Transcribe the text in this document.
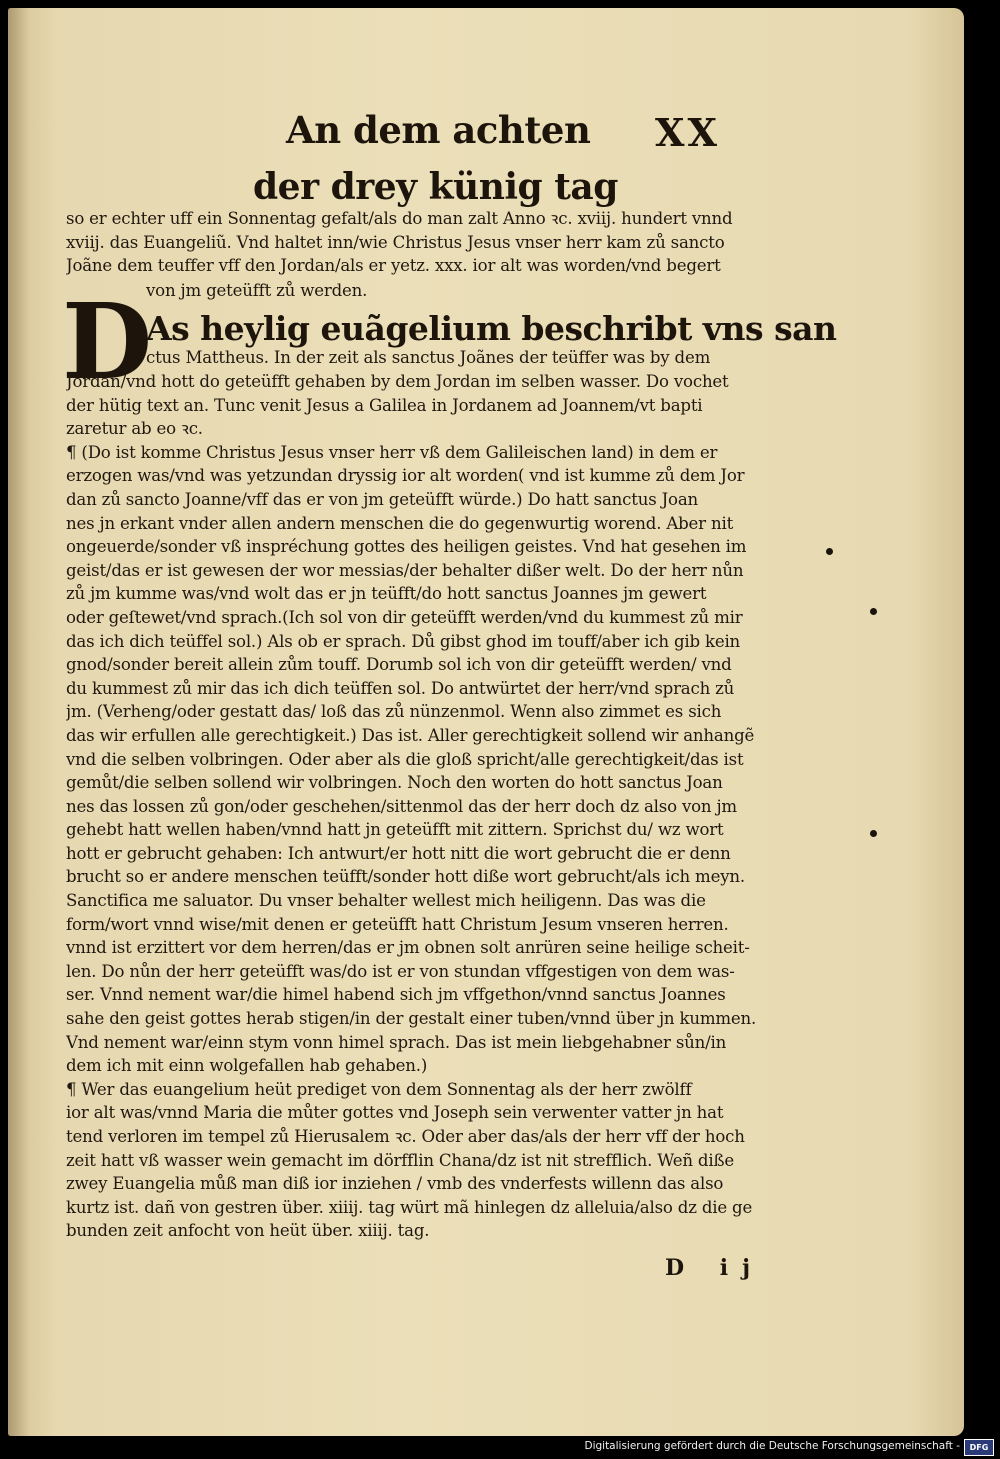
An dem achten XX
der drey künig tag
so er echter uff ein Sonnentag gefalt/als do man zalt Anno ꝛc. xviij. hundert vnnd
xviij. das Euangeliũ. Vnd haltet inn/wie Christus Jesus vnser herr kam zů sancto
Joãne dem teuffer vff den Jordan/als er yetz. xxx. ior alt was worden/vnd begert
von jm geteüfft zů werden.
D
As heylig euãgelium beschribt vns san
ctus Mattheus. In der zeit als sanctus Joãnes der teüffer was by dem
Jordan/vnd hott do geteüfft gehaben by dem Jordan im selben wasser. Do vochet
der hütig text an. Tunc venit Jesus a Galilea in Jordanem ad Joannem/vt bapti
zaretur ab eo ꝛc.
¶ (Do ist komme Christus Jesus vnser herr vß dem Galileischen land) in dem er
erzogen was/vnd was yetzundan dryssig ior alt worden( vnd ist kumme zů dem Jor
dan zů sancto Joanne/vff das er von jm geteüfft würde.) Do hatt sanctus Joan
nes jn erkant vnder allen andern menschen die do gegenwurtig worend. Aber nit
ongeuerde/sonder vß inspréchung gottes des heiligen geistes. Vnd hat gesehen im
geist/das er ist gewesen der wor messias/der behalter dißer welt. Do der herr nůn
zů jm kumme was/vnd wolt das er jn teüfft/do hott sanctus Joannes jm gewert
oder geſtewet/vnd sprach.(Ich sol von dir geteüfft werden/vnd du kummest zů mir
das ich dich teüffel sol.) Als ob er sprach. Dů gibst ghod im touff/aber ich gib kein
gnod/sonder bereit allein zům touff. Dorumb sol ich von dir geteüfft werden/ vnd
du kummest zů mir das ich dich teüffen sol. Do antwürtet der herr/vnd sprach zů
jm. (Verheng/oder gestatt das/ loß das zů nünzenmol. Wenn also zimmet es sich
das wir erfullen alle gerechtigkeit.) Das ist. Aller gerechtigkeit sollend wir anhangẽ
vnd die selben volbringen. Oder aber als die gloß spricht/alle gerechtigkeit/das ist
gemůt/die selben sollend wir volbringen. Noch den worten do hott sanctus Joan
nes das lossen zů gon/oder geschehen/sittenmol das der herr doch dz also von jm
gehebt hatt wellen haben/vnnd hatt jn geteüfft mit zittern. Sprichst du/ wz wort
hott er gebrucht gehaben: Ich antwurt/er hott nitt die wort gebrucht die er denn
brucht so er andere menschen teüfft/sonder hott diße wort gebrucht/als ich meyn.
Sanctifica me saluator. Du vnser behalter wellest mich heiligenn. Das was die
form/wort vnnd wise/mit denen er geteüfft hatt Christum Jesum vnseren herren.
vnnd ist erzittert vor dem herren/das er jm obnen solt anrüren seine heilige scheit-
len. Do nůn der herr geteüfft was/do ist er von stundan vffgestigen von dem was-
ser. Vnnd nement war/die himel habend sich jm vffgethon/vnnd sanctus Joannes
sahe den geist gottes herab stigen/in der gestalt einer tuben/vnnd über jn kummen.
Vnd nement war/einn stym vonn himel sprach. Das ist mein liebgehabner sůn/in
dem ich mit einn wolgefallen hab gehaben.)
¶ Wer das euangelium heüt prediget von dem Sonnentag als der herr zwölff
ior alt was/vnnd Maria die můter gottes vnd Joseph sein verwenter vatter jn hat
tend verloren im tempel zů Hierusalem ꝛc. Oder aber das/als der herr vff der hoch
zeit hatt vß wasser wein gemacht im dörfflin Chana/dz ist nit strefflich. Weñ diße
zwey Euangelia můß man diß ior inziehen / vmb des vnderfests willenn das also
kurtz ist. dañ von gestren über. xiiij. tag würt mã hinlegen dz alleluia/also dz die ge
bunden zeit anfocht von heüt über. xiiij. tag.
D ij
Digitalisierung gefördert durch die Deutsche Forschungsgemeinschaft -	DFG
